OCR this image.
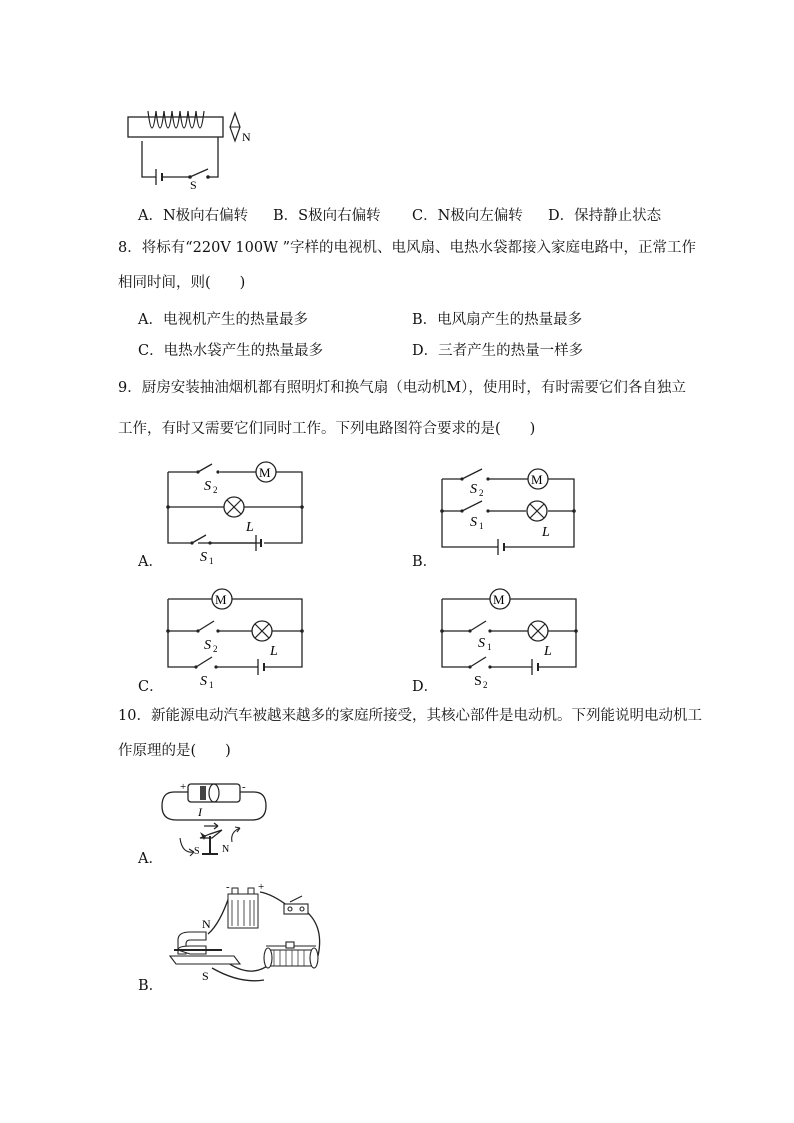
N
S
A．N极向右偏转 B．S极向右偏转 C．N极向左偏转 D．保持静止状态
8．将标有“220V 100W ”字样的电视机、电风扇、电热水袋都接入家庭电路中，正常工作
相同时间，则(　　)
A．电视机产生的热量最多	B．电风扇产生的热量最多
C．电热水袋产生的热量最多	D．三者产生的热量一样多
9．厨房安装抽油烟机都有照明灯和换气扇（电动机M），使用时，有时需要它们各自独立
工作，有时又需要它们同时工作。下列电路图符合要求的是(　　)
M
S 2
L
S 1
A．
M
S 2
S 1	L
B．
M
S 2	L
S 1
C．
M
S 1	L
S 2
D．
10．新能源电动汽车被越来越多的家庭所接受，其核心部件是电动机。下列能说明电动机工
作原理的是(　　)
+	-
I
S N
A．
-	+
N
S
B．
